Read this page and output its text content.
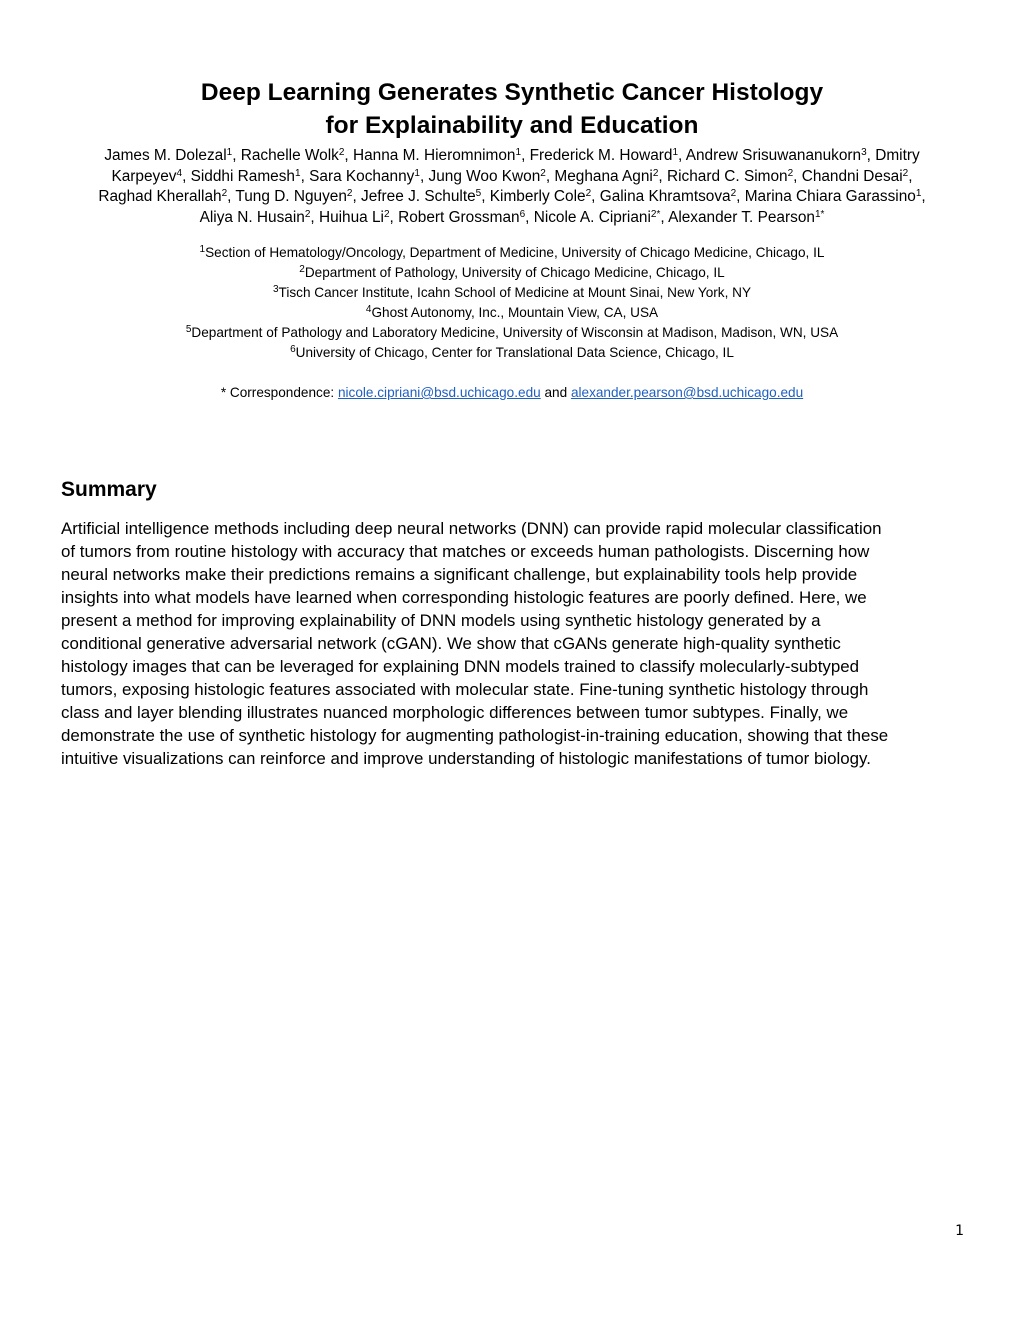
Deep Learning Generates Synthetic Cancer Histology
for Explainability and Education
James M. Dolezal$^1$, Rachelle Wolk$^2$, Hanna M. Hieromnimon$^1$, Frederick M. Howard$^1$, Andrew Srisuwananukorn$^3$, Dmitry
Karpeyev$^4$, Siddhi Ramesh$^1$, Sara Kochanny$^1$, Jung Woo Kwon$^2$, Meghana Agni$^2$, Richard C. Simon$^2$, Chandni Desai$^2$,
Raghad Kherallah$^2$, Tung D. Nguyen$^2$, Jefree J. Schulte$^5$, Kimberly Cole$^2$, Galina Khramtsova$^2$, Marina Chiara Garassino$^1$,
Aliya N. Husain$^2$, Huihua Li$^2$, Robert Grossman$^6$, Nicole A. Cipriani$^{2*}$, Alexander T. Pearson$^{1*}$
$^1$Section of Hematology/Oncology, Department of Medicine, University of Chicago Medicine, Chicago, IL
$^2$Department of Pathology, University of Chicago Medicine, Chicago, IL
$^3$Tisch Cancer Institute, Icahn School of Medicine at Mount Sinai, New York, NY
$^4$Ghost Autonomy, Inc., Mountain View, CA, USA
$^5$Department of Pathology and Laboratory Medicine, University of Wisconsin at Madison, Madison, WN, USA
$^6$University of Chicago, Center for Translational Data Science, Chicago, IL
* Correspondence: nicole.cipriani@bsd.uchicago.edu and alexander.pearson@bsd.uchicago.edu
Summary
Artificial intelligence methods including deep neural networks (DNN) can provide rapid molecular classification
of tumors from routine histology with accuracy that matches or exceeds human pathologists. Discerning how
neural networks make their predictions remains a significant challenge, but explainability tools help provide
insights into what models have learned when corresponding histologic features are poorly defined. Here, we
present a method for improving explainability of DNN models using synthetic histology generated by a
conditional generative adversarial network (cGAN). We show that cGANs generate high-quality synthetic
histology images that can be leveraged for explaining DNN models trained to classify molecularly-subtyped
tumors, exposing histologic features associated with molecular state. Fine-tuning synthetic histology through
class and layer blending illustrates nuanced morphologic differences between tumor subtypes. Finally, we
demonstrate the use of synthetic histology for augmenting pathologist-in-training education, showing that these
intuitive visualizations can reinforce and improve understanding of histologic manifestations of tumor biology.
1
